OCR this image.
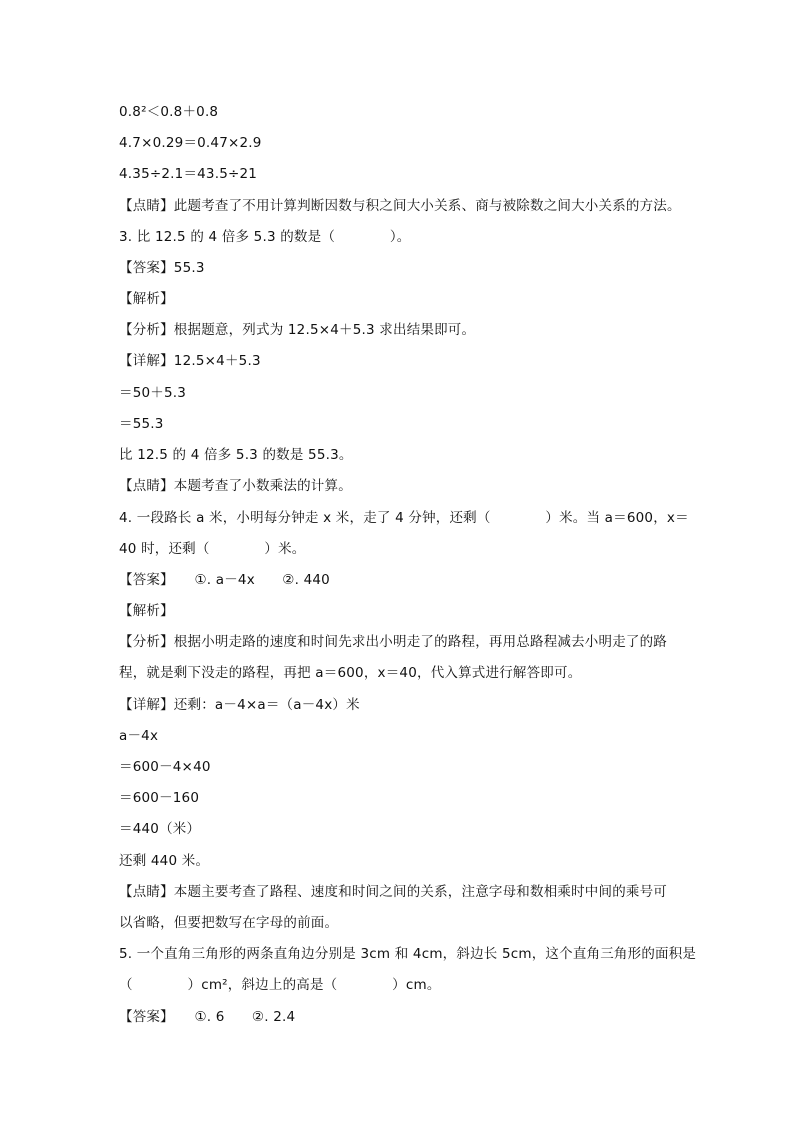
0.8²＜0.8＋0.8
4.7×0.29＝0.47×2.9
4.35÷2.1＝43.5÷21
【点睛】此题考查了不用计算判断因数与积之间大小关系、商与被除数之间大小关系的方法。
3. 比 12.5 的 4 倍多 5.3 的数是（　　　　）。
【答案】55.3
【解析】
【分析】根据题意，列式为 12.5×4＋5.3 求出结果即可。
【详解】12.5×4＋5.3
＝50＋5.3
＝55.3
比 12.5 的 4 倍多 5.3 的数是 55.3。
【点睛】本题考查了小数乘法的计算。
4. 一段路长 a 米，小明每分钟走 x 米，走了 4 分钟，还剩（　　　　）米。当 a＝600，x＝
40 时，还剩（　　　　）米。
【答案】　　①. a－4x　　②. 440
【解析】
【分析】根据小明走路的速度和时间先求出小明走了的路程，再用总路程减去小明走了的路
程，就是剩下没走的路程，再把 a＝600，x＝40，代入算式进行解答即可。
【详解】还剩：a－4×a＝（a－4x）米
a－4x
＝600－4×40
＝600－160
＝440（米）
还剩 440 米。
【点睛】本题主要考查了路程、速度和时间之间的关系，注意字母和数相乘时中间的乘号可
以省略，但要把数写在字母的前面。
5. 一个直角三角形的两条直角边分别是 3cm 和 4cm，斜边长 5cm，这个直角三角形的面积是
（　　　　）cm²，斜边上的高是（　　　　）cm。
【答案】　　①. 6　　②. 2.4
